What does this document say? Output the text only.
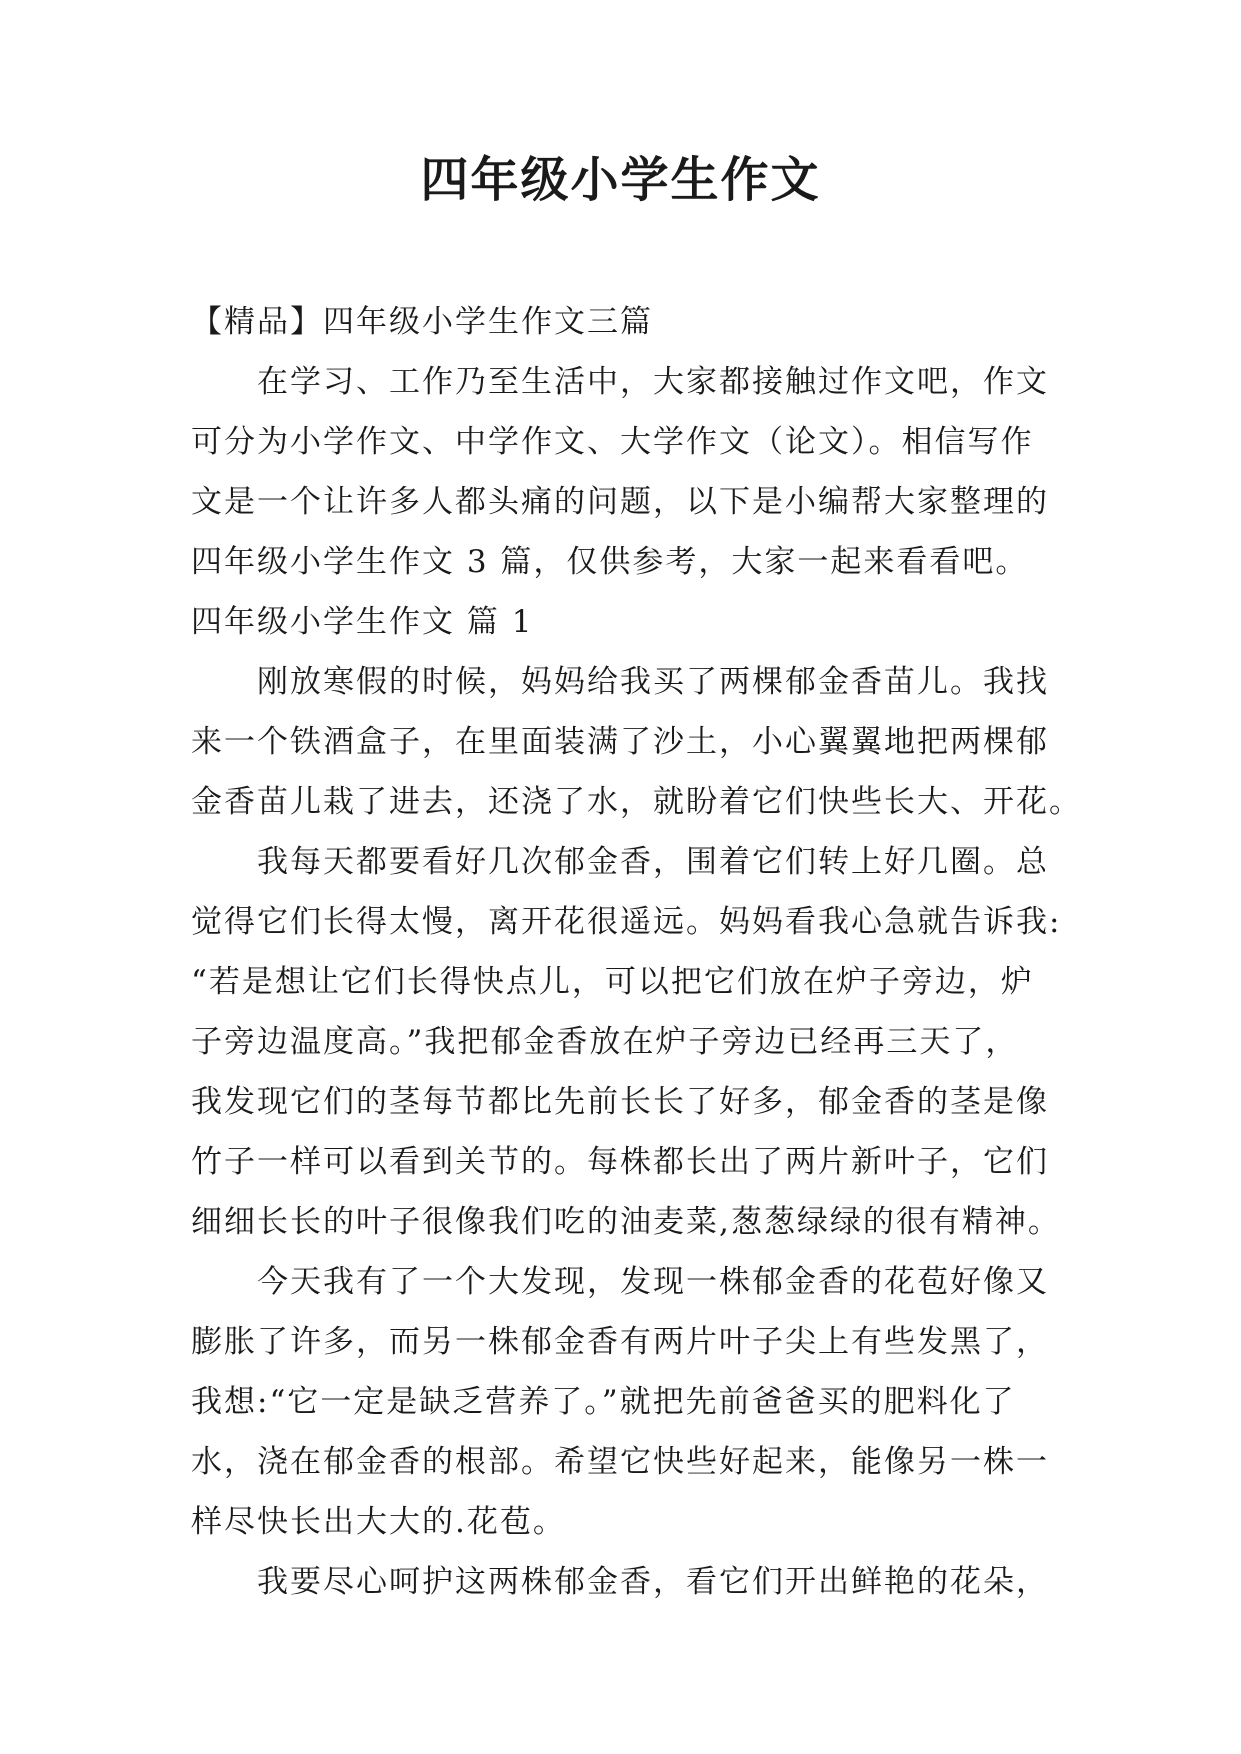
四年级小学生作文

【精品】四年级小学生作文三篇

在学习、工作乃至生活中，大家都接触过作文吧，作文

可分为小学作文、中学作文、大学作文（论文）。相信写作

文是一个让许多人都头痛的问题，以下是小编帮大家整理的

四年级小学生作文 3 篇，仅供参考，大家一起来看看吧。

四年级小学生作文 篇 1

刚放寒假的时候，妈妈给我买了两棵郁金香苗儿。我找

来一个铁酒盒子，在里面装满了沙土，小心翼翼地把两棵郁

金香苗儿栽了进去，还浇了水，就盼着它们快些长大、开花。

我每天都要看好几次郁金香，围着它们转上好几圈。总

觉得它们长得太慢，离开花很遥远。妈妈看我心急就告诉我:

“若是想让它们长得快点儿，可以把它们放在炉子旁边，炉

子旁边温度高。”我把郁金香放在炉子旁边已经再三天了，

我发现它们的茎每节都比先前长长了好多，郁金香的茎是像

竹子一样可以看到关节的。每株都长出了两片新叶子，它们

细细长长的叶子很像我们吃的油麦菜,葱葱绿绿的很有精神。

今天我有了一个大发现，发现一株郁金香的花苞好像又

膨胀了许多，而另一株郁金香有两片叶子尖上有些发黑了，

我想:“它一定是缺乏营养了。”就把先前爸爸买的肥料化了

水，浇在郁金香的根部。希望它快些好起来，能像另一株一

样尽快长出大大的.花苞。

我要尽心呵护这两株郁金香，看它们开出鲜艳的花朵，
